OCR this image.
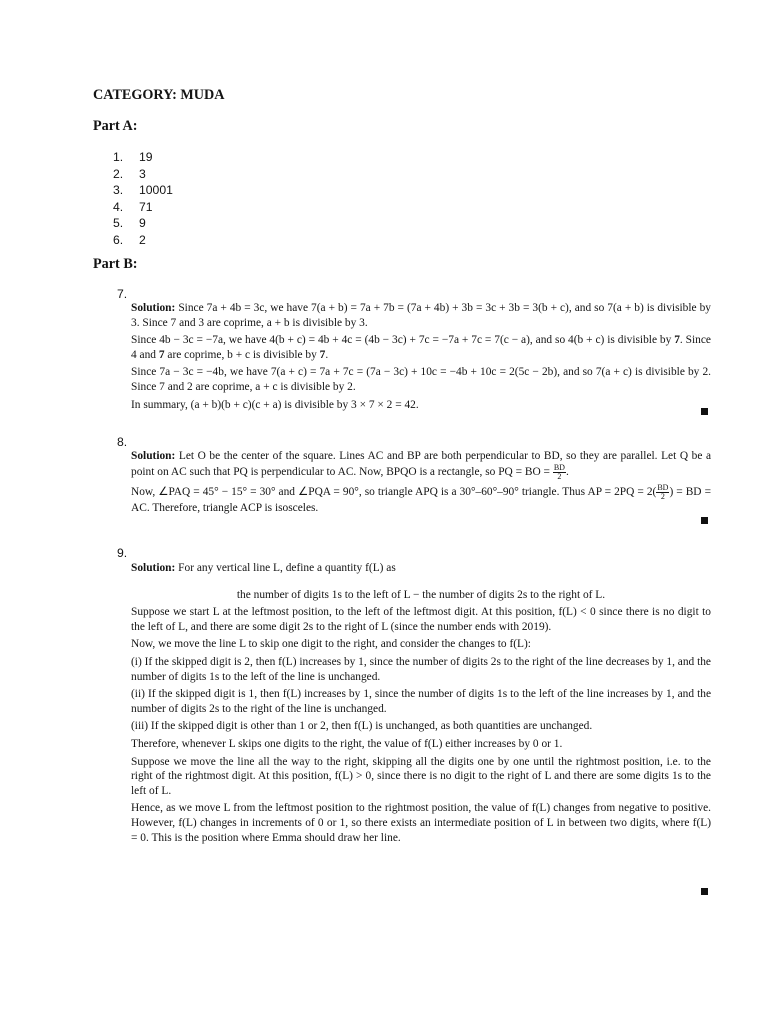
CATEGORY: MUDA
Part A:
1. 19
2. 3
3. 10001
4. 71
5. 9
6. 2
Part B:
7.

Solution: Since 7a + 4b = 3c, we have 7(a + b) = 7a + 7b = (7a + 4b) + 3b = 3c + 3b = 3(b + c), and so 7(a + b) is divisible by 3. Since 7 and 3 are coprime, a + b is divisible by 3.

Since 4b − 3c = −7a, we have 4(b + c) = 4b + 4c = (4b − 3c) + 7c = −7a + 7c = 7(c − a), and so 4(b + c) is divisible by 7. Since 4 and 7 are coprime, b + c is divisible by 7.

Since 7a − 3c = −4b, we have 7(a + c) = 7a + 7c = (7a − 3c) + 10c = −4b + 10c = 2(5c − 2b), and so 7(a + c) is divisible by 2. Since 7 and 2 are coprime, a + c is divisible by 2.

In summary, (a + b)(b + c)(c + a) is divisible by 3 × 7 × 2 = 42.

8.

Solution: Let O be the center of the square. Lines AC and BP are both perpendicular to BD, so they are parallel. Let Q be a point on AC such that PQ is perpendicular to AC. Now, BPQO is a rectangle, so PQ = BO = $\frac{BD}{2}$ .

Now, ∠PAQ = 45° − 15° = 30° and ∠PQA = 90°, so triangle APQ is a 30°–60°–90° triangle. Thus AP = $2PQ = 2( \frac{BD}{2}$ ) = BD = AC. Therefore, triangle ACP is isosceles.

9.

Solution: For any vertical line L, define a quantity f(L) as

the number of digits 1s to the left of L − the number of digits 2s to the right of L.

Suppose we start L at the leftmost position, to the left of the leftmost digit. At this position, f(L) < 0 since there is no digit to the left of L, and there are some digit 2s to the right of L (since the number ends with 2019).

Now, we move the line L to skip one digit to the right, and consider the changes to f(L):

(i) If the skipped digit is 2, then f(L) increases by 1, since the number of digits 2s to the right of the line decreases by 1, and the number of digits 1s to the left of the line is unchanged.

(ii) If the skipped digit is 1, then f(L) increases by 1, since the number of digits 1s to the left of the line increases by 1, and the number of digits 2s to the right of the line is unchanged.

(iii) If the skipped digit is other than 1 or 2, then f(L) is unchanged, as both quantities are unchanged.

Therefore, whenever L skips one digits to the right, the value of f(L) either increases by 0 or 1.

Suppose we move the line all the way to the right, skipping all the digits one by one until the rightmost position, i.e. to the right of the rightmost digit. At this position, f(L) > 0, since there is no digit to the right of L and there are some digits 1s to the left of L.

Hence, as we move L from the leftmost position to the rightmost position, the value of f(L) changes from negative to positive. However, f(L) changes in increments of 0 or 1, so there exists an intermediate position of L in between two digits, where f(L) = 0. This is the position where Emma should draw her line.
